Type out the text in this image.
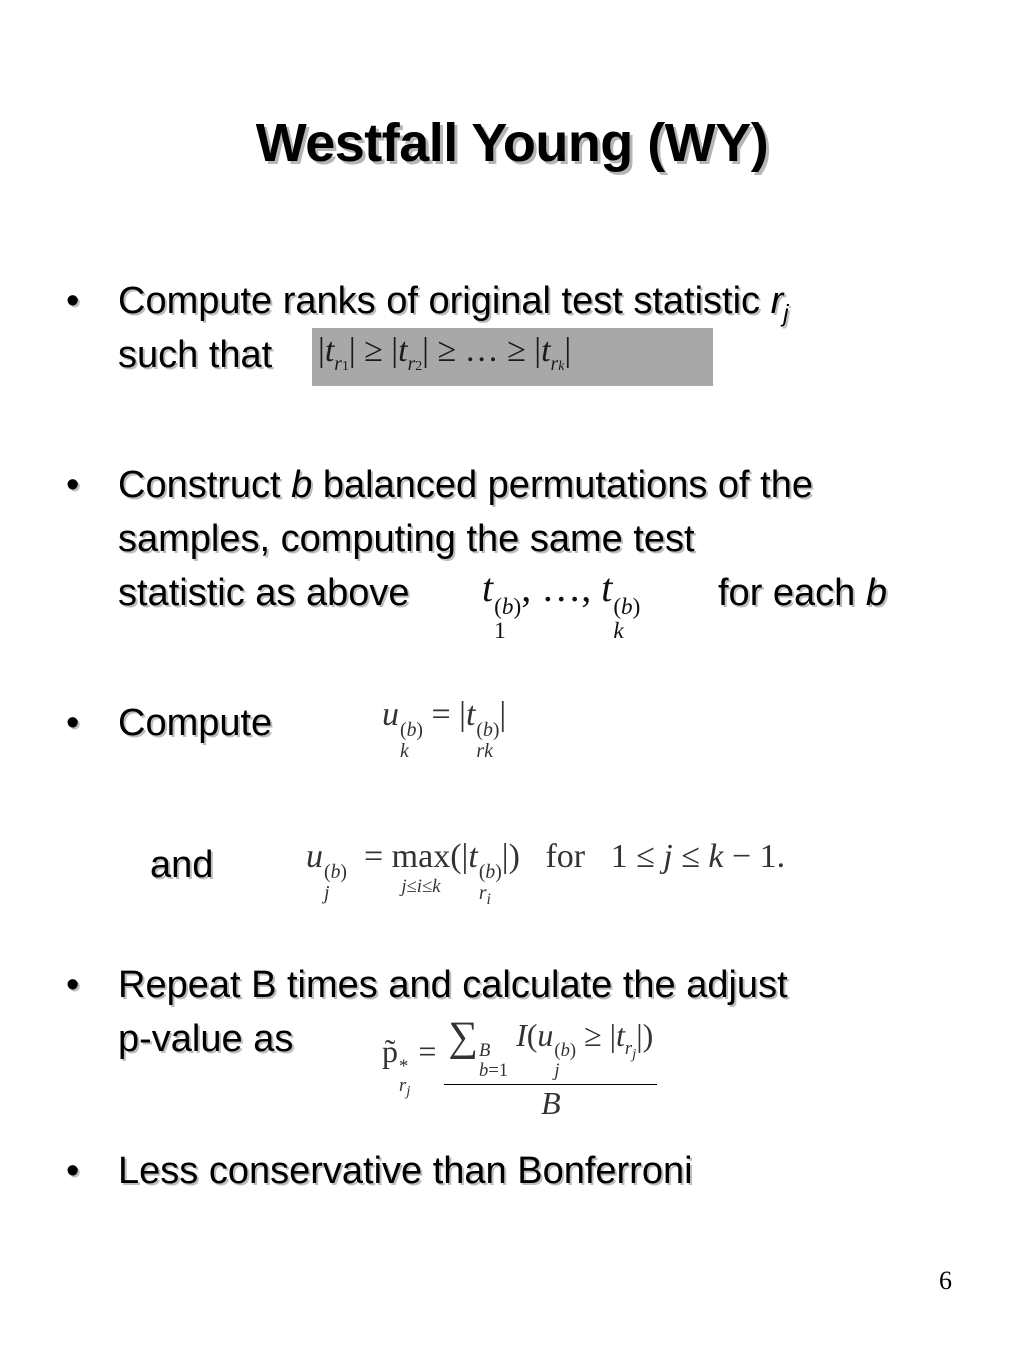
Westfall Young (WY)
• Compute ranks of original test statistic $r_j$
such that $|t_{r1}| \ge |t_{r2}|$ ≥ … ≥ $|t_{rk}|$
• Construct b balanced permutations of the
samples, computing the same test
statistic as above t (b)
1
, …, t (b)
k
for each b
• Compute	u (b)
k
= |t (b)
rk
|
and	u (b)
j
= max
j≤i≤k
(|t (b)
$r_i$
|)   for   1 ≤ j ≤ k − 1.
• Repeat B times and calculate the adjust
p-value as	p̃ *
$r_j$
= ∑ B
b=1
I(u (b)
j
≥ $|t_{r_j}|$)
B
• Less conservative than Bonferroni
6
